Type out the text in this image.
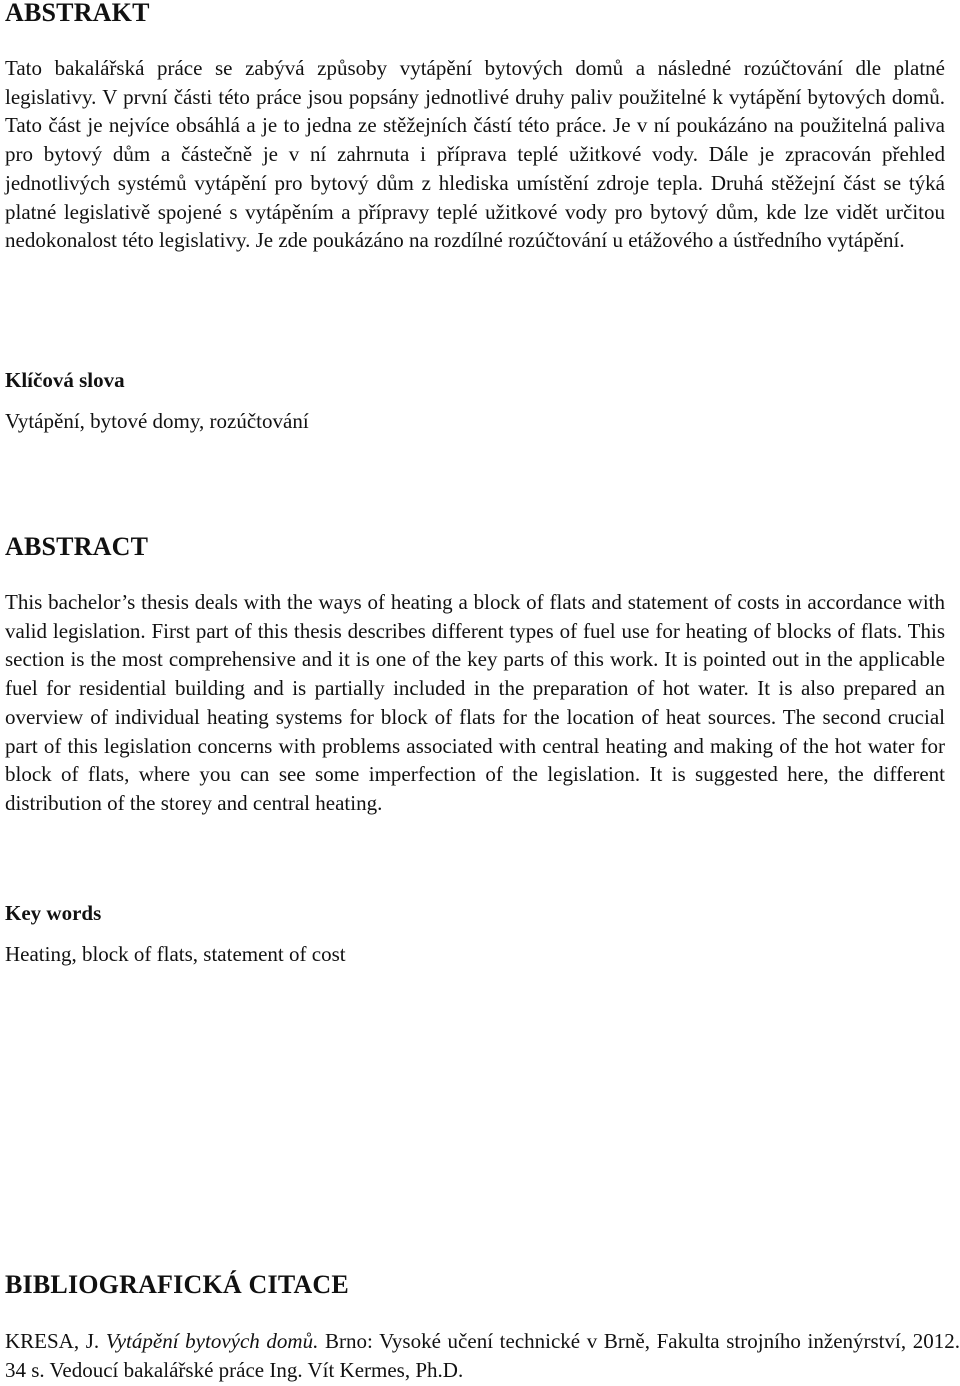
ABSTRAKT

Tato bakalářská práce se zabývá způsoby vytápění bytových domů a následné rozúčtování dle platné legislativy. V první části této práce jsou popsány jednotlivé druhy paliv použitelné k vytápění bytových domů. Tato část je nejvíce obsáhlá a je to jedna ze stěžejních částí této práce. Je v ní poukázáno na použitelná paliva pro bytový dům a částečně je v ní zahrnuta i příprava teplé užitkové vody. Dále je zpracován přehled jednotlivých systémů vytápění pro bytový dům z hlediska umístění zdroje tepla. Druhá stěžejní část se týká platné legislativě spojené s vytápěním a přípravy teplé užitkové vody pro bytový dům, kde lze vidět určitou nedokonalost této legislativy. Je zde poukázáno na rozdílné rozúčtování u etážového a ústředního vytápění.

Klíčová slova

Vytápění, bytové domy, rozúčtování

ABSTRACT

This bachelor’s thesis deals with the ways of heating a block of flats and statement of costs in accordance with valid legislation. First part of this thesis describes different types of fuel use for heating of blocks of flats. This section is the most comprehensive and it is one of the key parts of this work. It is pointed out in the applicable fuel for residential building and is partially included in the preparation of hot water. It is also prepared an overview of individual heating systems for block of flats for the location of heat sources. The second crucial part of this legislation concerns with problems associated with central heating and making of the hot water for block of flats, where you can see some imperfection of the legislation. It is suggested here, the different distribution of the storey and central heating.

Key words

Heating, block of flats, statement of cost

BIBLIOGRAFICKÁ CITACE

KRESA, J. Vytápění bytových domů. Brno: Vysoké učení technické v Brně, Fakulta strojního inženýrství, 2012. 34 s. Vedoucí bakalářské práce Ing. Vít Kermes, Ph.D.
